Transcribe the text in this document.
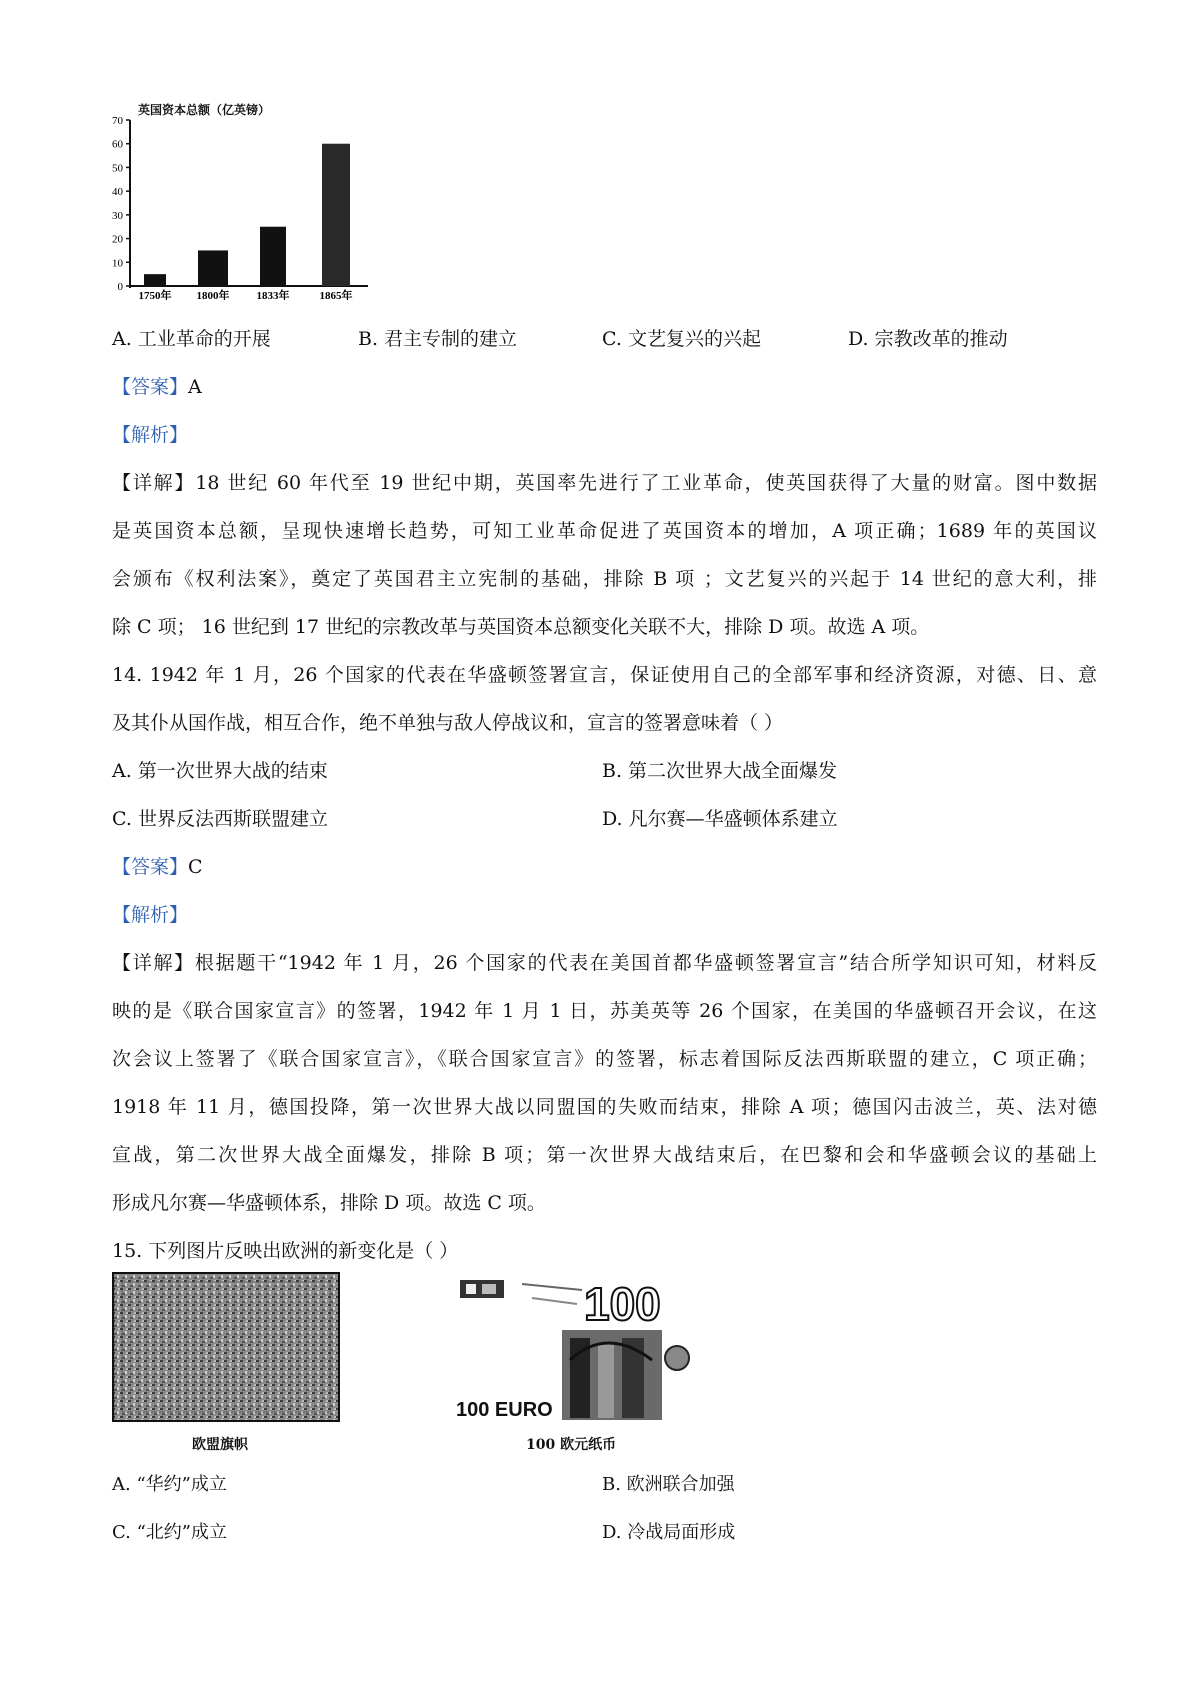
英国资本总额（亿英镑）
0
10
20
30
40
50
60
70
1750年 1800年 1833年	1865年
A. 工业革命的开展	B. 君主专制的建立	C. 文艺复兴的兴起	D. 宗教改革的推动
【答案】A
【解析】
【详解】18 世纪 60 年代至 19 世纪中期，英国率先进行了工业革命，使英国获得了大量的财富。图中数据
是英国资本总额，呈现快速增长趋势，可知工业革命促进了英国资本的增加，A 项正确；1689 年的英国议
会颁布《权利法案》，奠定了英国君主立宪制的基础，排除 B 项 ；文艺复兴的兴起于 14 世纪的意大利，排
除 C 项； 16 世纪到 17 世纪的宗教改革与英国资本总额变化关联不大，排除 D 项。故选 A 项。
14. 1942 年 1 月，26 个国家的代表在华盛顿签署宣言，保证使用自己的全部军事和经济资源，对德、日、意
及其仆从国作战，相互合作，绝不单独与敌人停战议和，宣言的签署意味着（ ）
A. 第一次世界大战的结束	B. 第二次世界大战全面爆发
C. 世界反法西斯联盟建立	D. 凡尔赛—华盛顿体系建立
【答案】C
【解析】
【详解】根据题干“1942 年 1 月，26 个国家的代表在美国首都华盛顿签署宣言”结合所学知识可知，材料反
映的是《联合国家宣言》的签署，1942 年 1 月 1 日，苏美英等 26 个国家，在美国的华盛顿召开会议，在这
次会议上签署了《联合国家宣言》，《联合国家宣言》的签署，标志着国际反法西斯联盟的建立，C 项正确；
1918 年 11 月，德国投降，第一次世界大战以同盟国的失败而结束，排除 A 项；德国闪击波兰，英、法对德
宣战，第二次世界大战全面爆发，排除 B 项；第一次世界大战结束后，在巴黎和会和华盛顿会议的基础上
形成凡尔赛—华盛顿体系，排除 D 项。故选 C 项。
15. 下列图片反映出欧洲的新变化是（ ）
欧盟旗帜
100
100 EURO
100 欧元纸币
A. “华约”成立	B. 欧洲联合加强
C. “北约”成立	D. 冷战局面形成
